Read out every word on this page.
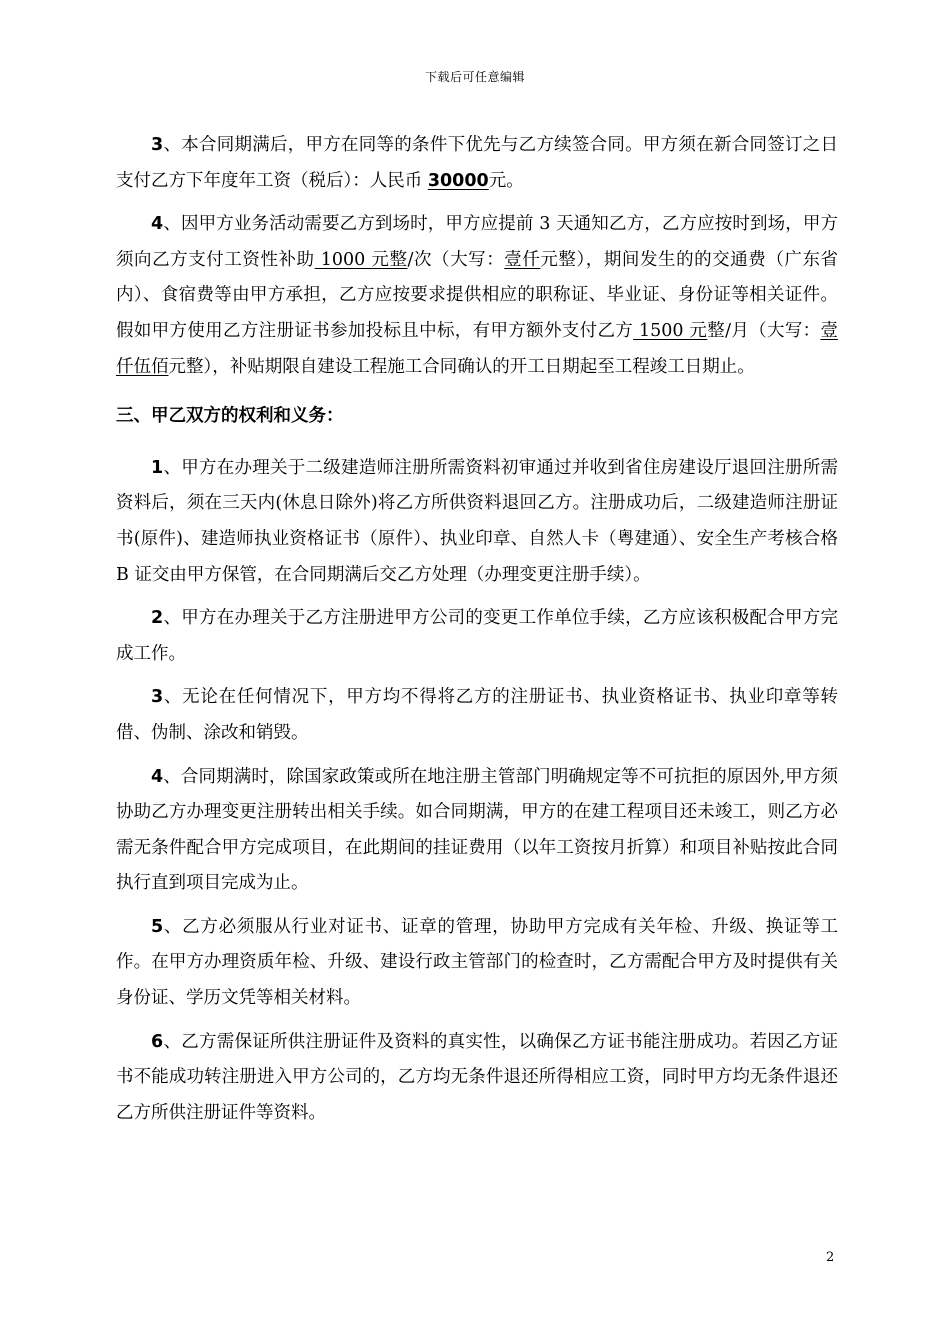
下载后可任意编辑

3、本合同期满后，甲方在同等的条件下优先与乙方续签合同。甲方须在新合同签订之日支付乙方下年度年工资（税后）：人民币 30000元。

4、因甲方业务活动需要乙方到场时，甲方应提前 3 天通知乙方，乙方应按时到场，甲方须向乙方支付工资性补助 1000 元整/次（大写：壹仟元整），期间发生的的交通费（广东省内）、食宿费等由甲方承担，乙方应按要求提供相应的职称证、毕业证、身份证等相关证件。假如甲方使用乙方注册证书参加投标且中标，有甲方额外支付乙方 1500 元整/月（大写：壹仟伍佰元整），补贴期限自建设工程施工合同确认的开工日期起至工程竣工日期止。

三、甲乙双方的权利和义务：

1、甲方在办理关于二级建造师注册所需资料初审通过并收到省住房建设厅退回注册所需资料后，须在三天内(休息日除外)将乙方所供资料退回乙方。注册成功后，二级建造师注册证书(原件)、建造师执业资格证书（原件）、执业印章、自然人卡（粤建通）、安全生产考核合格 B 证交由甲方保管，在合同期满后交乙方处理（办理变更注册手续）。

2、甲方在办理关于乙方注册进甲方公司的变更工作单位手续，乙方应该积极配合甲方完成工作。

3、无论在任何情况下，甲方均不得将乙方的注册证书、执业资格证书、执业印章等转借、伪制、涂改和销毁。

4、合同期满时，除国家政策或所在地注册主管部门明确规定等不可抗拒的原因外,甲方须协助乙方办理变更注册转出相关手续。如合同期满，甲方的在建工程项目还未竣工，则乙方必需无条件配合甲方完成项目，在此期间的挂证费用（以年工资按月折算）和项目补贴按此合同执行直到项目完成为止。

5、乙方必须服从行业对证书、证章的管理，协助甲方完成有关年检、升级、换证等工作。在甲方办理资质年检、升级、建设行政主管部门的检查时，乙方需配合甲方及时提供有关身份证、学历文凭等相关材料。

6、乙方需保证所供注册证件及资料的真实性，以确保乙方证书能注册成功。若因乙方证书不能成功转注册进入甲方公司的，乙方均无条件退还所得相应工资，同时甲方均无条件退还乙方所供注册证件等资料。

2
